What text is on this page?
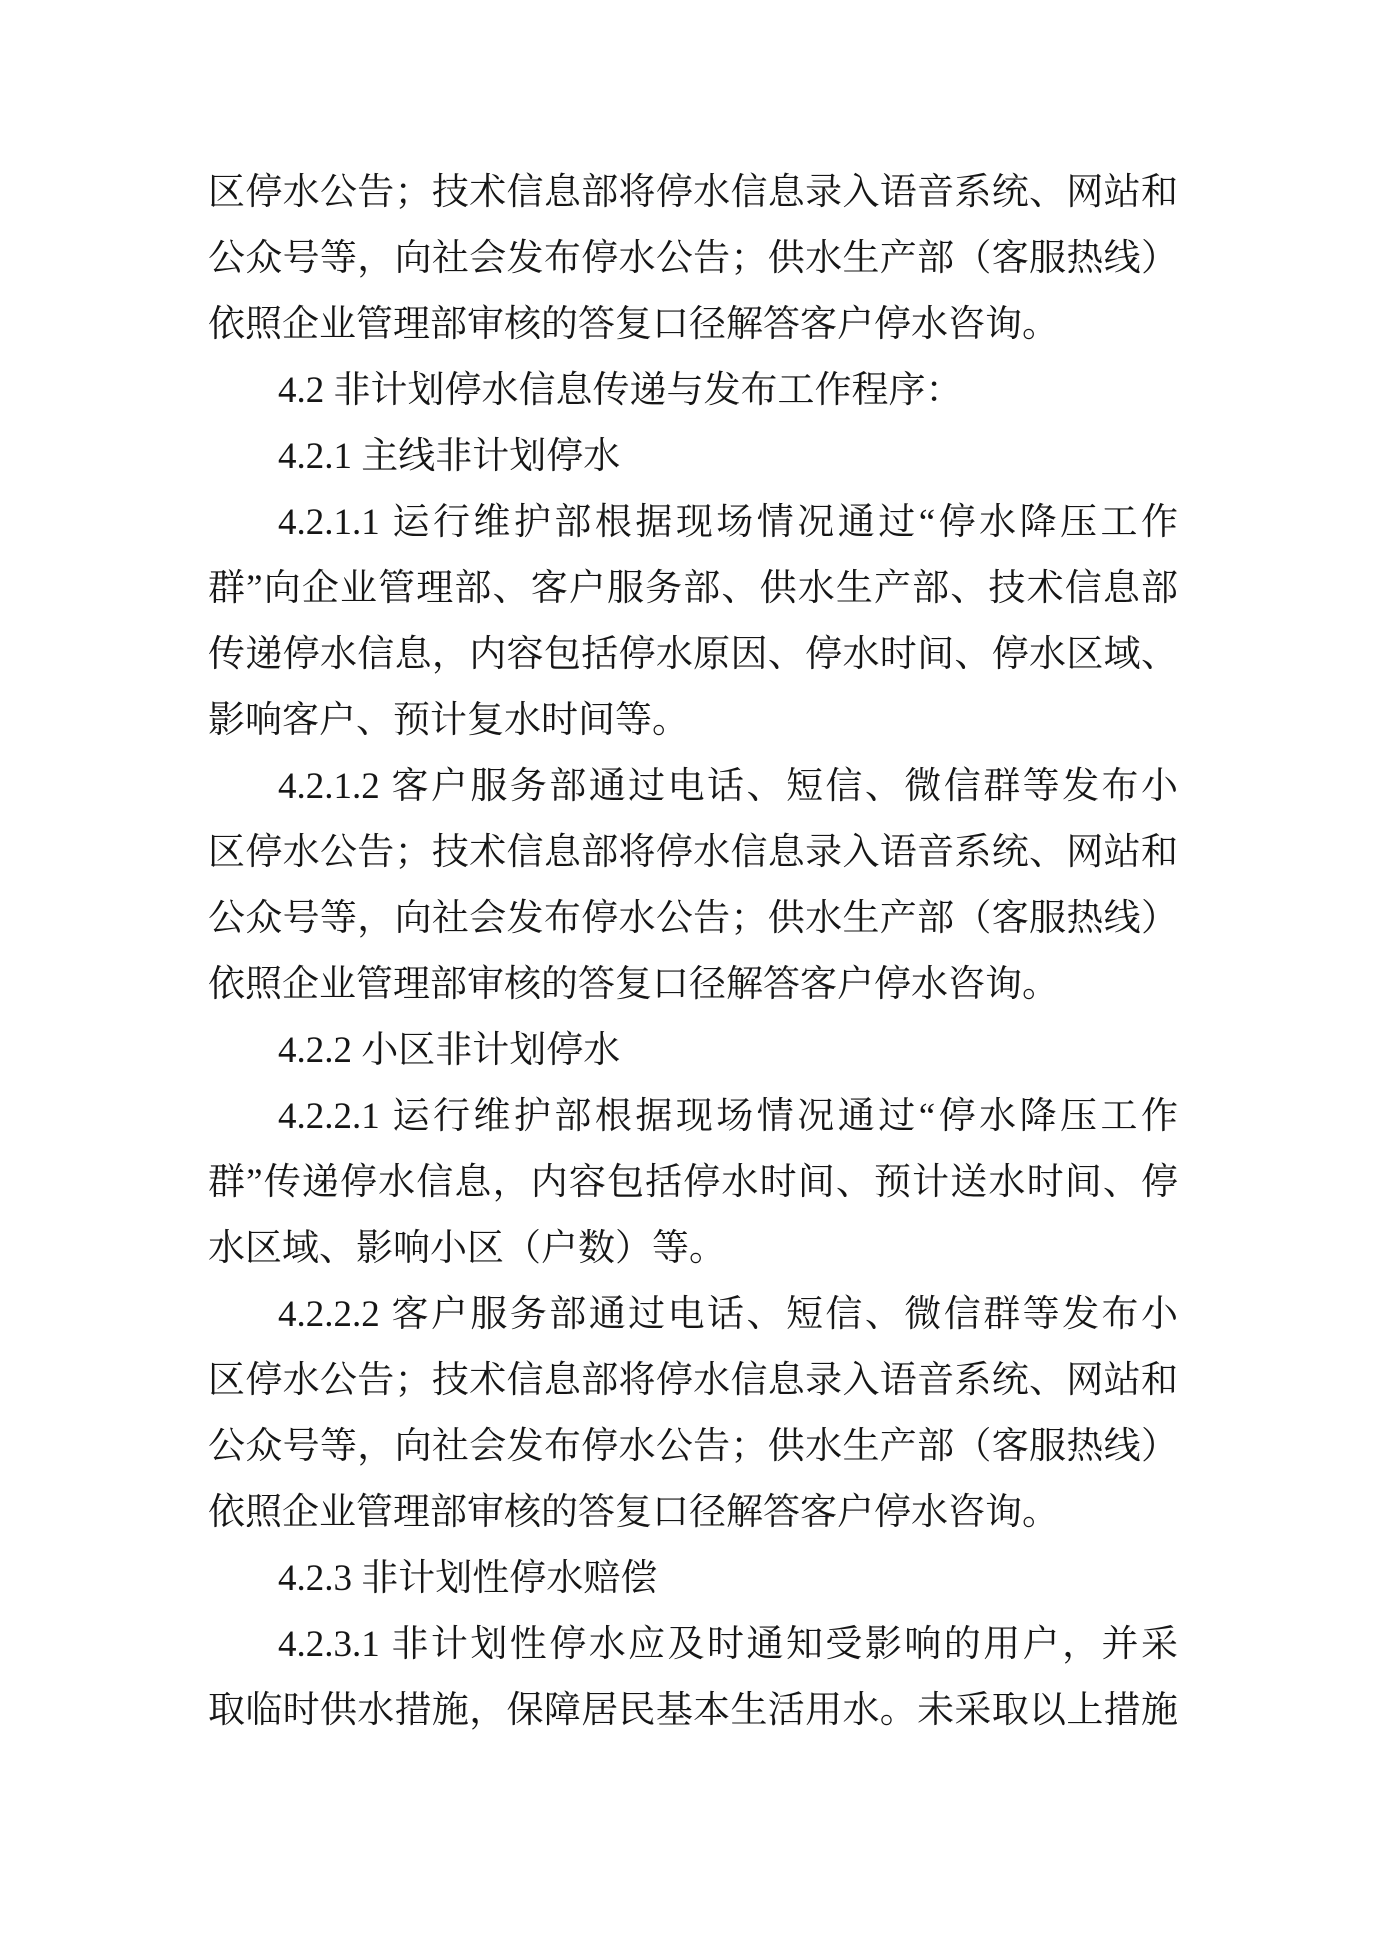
区停水公告；技术信息部将停水信息录入语音系统、网站和
公众号等，向社会发布停水公告；供水生产部（客服热线）
依照企业管理部审核的答复口径解答客户停水咨询。
4.2 非计划停水信息传递与发布工作程序：
4.2.1 主线非计划停水
4.2.1.1 运行维护部根据现场情况通过“停水降压工作
群”向企业管理部、客户服务部、供水生产部、技术信息部
传递停水信息，内容包括停水原因、停水时间、停水区域、
影响客户、预计复水时间等。
4.2.1.2 客户服务部通过电话、短信、微信群等发布小
区停水公告；技术信息部将停水信息录入语音系统、网站和
公众号等，向社会发布停水公告；供水生产部（客服热线）
依照企业管理部审核的答复口径解答客户停水咨询。
4.2.2 小区非计划停水
4.2.2.1 运行维护部根据现场情况通过“停水降压工作
群”传递停水信息，内容包括停水时间、预计送水时间、停
水区域、影响小区（户数）等。
4.2.2.2 客户服务部通过电话、短信、微信群等发布小
区停水公告；技术信息部将停水信息录入语音系统、网站和
公众号等，向社会发布停水公告；供水生产部（客服热线）
依照企业管理部审核的答复口径解答客户停水咨询。
4.2.3 非计划性停水赔偿
4.2.3.1 非计划性停水应及时通知受影响的用户，并采
取临时供水措施，保障居民基本生活用水。未采取以上措施
